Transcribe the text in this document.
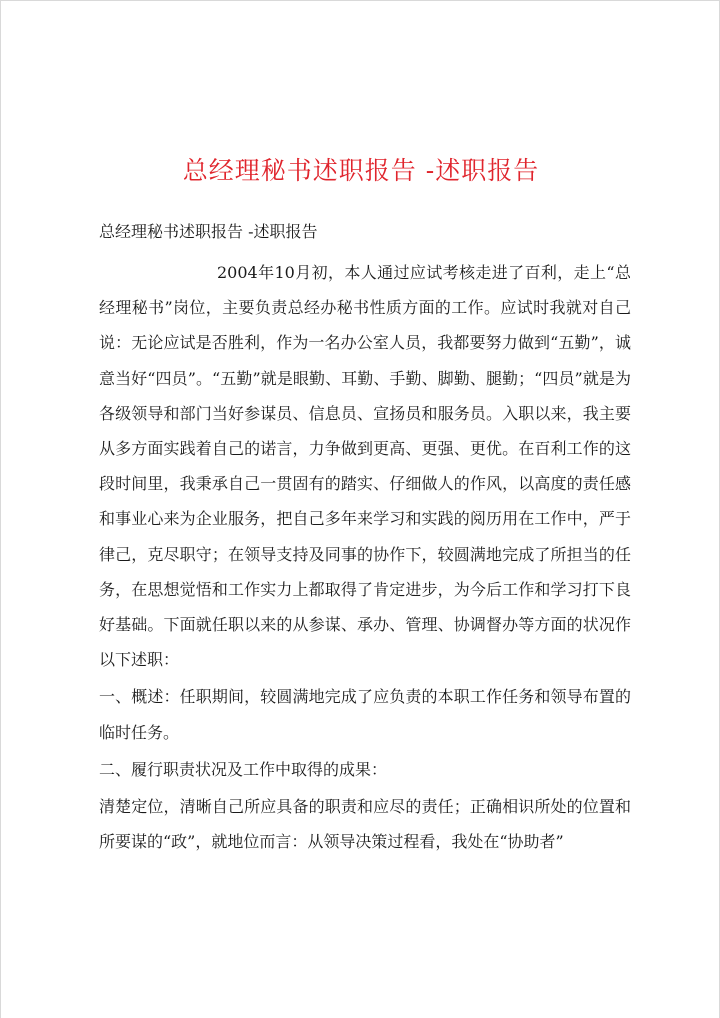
总经理秘书述职报告 -述职报告

总经理秘书述职报告 -述职报告

2004年10月初，本人通过应试考核走进了百利，走上“总经理秘书”岗位，主要负责总经办秘书性质方面的工作。应试时我就对自己说：无论应试是否胜利，作为一名办公室人员，我都要努力做到“五勤”，诚意当好“四员”。“五勤”就是眼勤、耳勤、手勤、脚勤、腿勤；“四员”就是为各级领导和部门当好参谋员、信息员、宣扬员和服务员。入职以来，我主要从多方面实践着自己的诺言，力争做到更高、更强、更优。在百利工作的这段时间里，我秉承自己一贯固有的踏实、仔细做人的作风，以高度的责任感和事业心来为企业服务，把自己多年来学习和实践的阅历用在工作中，严于律己，克尽职守；在领导支持及同事的协作下，较圆满地完成了所担当的任务，在思想觉悟和工作实力上都取得了肯定进步，为今后工作和学习打下良好基础。下面就任职以来的从参谋、承办、管理、协调督办等方面的状况作以下述职：

一、概述：任职期间，较圆满地完成了应负责的本职工作任务和领导布置的临时任务。

二、履行职责状况及工作中取得的成果：

清楚定位，清晰自己所应具备的职责和应尽的责任；正确相识所处的位置和所要谋的“政”，就地位而言：从领导决策过程看，我处在“协助者”
